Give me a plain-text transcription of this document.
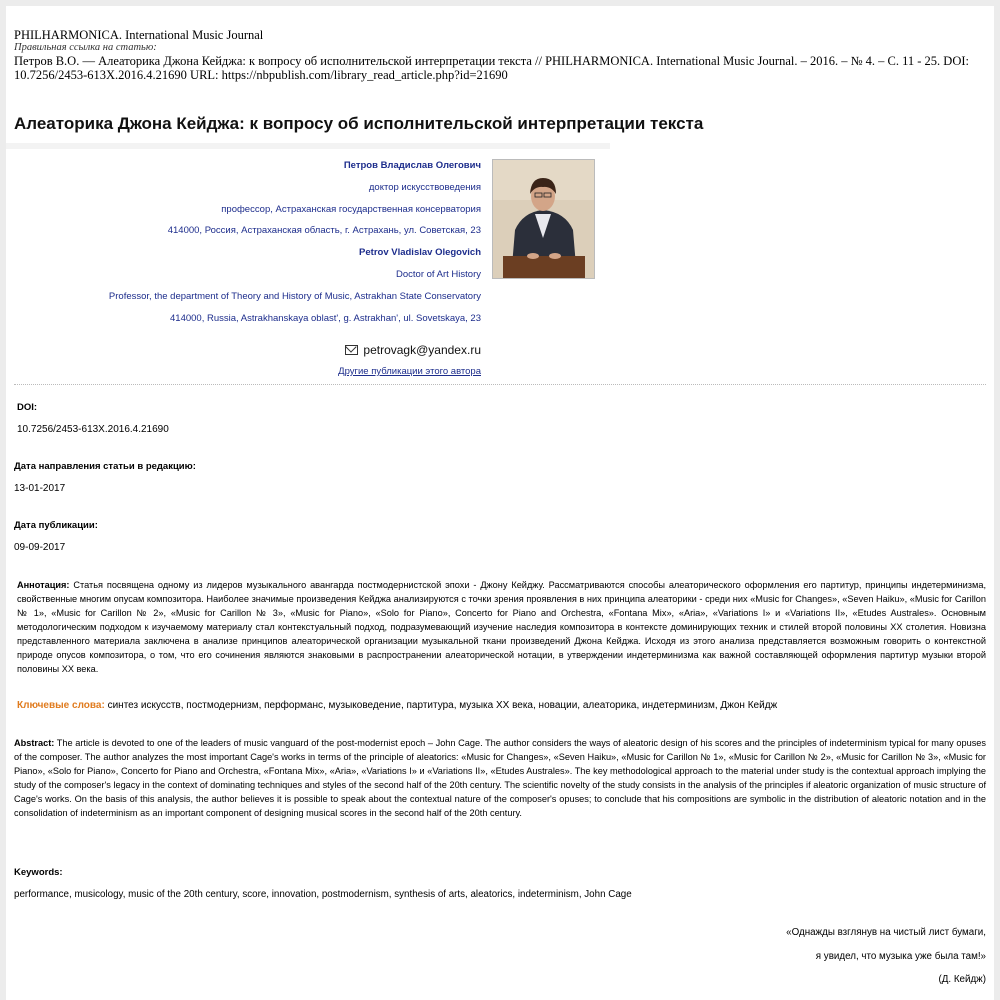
PHILHARMONICA. International Music Journal
Правильная ссылка на статью:
Петров В.О. — Алеаторика Джона Кейджа: к вопросу об исполнительской интерпретации текста // PHILHARMONICA. International Music Journal. – 2016. – № 4. – С. 11 - 25. DOI: 10.7256/2453-613X.2016.4.21690 URL: https://nbpublish.com/library_read_article.php?id=21690
Алеаторика Джона Кейджа: к вопросу об исполнительской интерпретации текста
Петров Владислав Олегович
доктор искусствоведения
профессор, Астраханская государственная консерватория
414000, Россия, Астраханская область, г. Астрахань, ул. Советская, 23
Petrov Vladislav Olegovich
Doctor of Art History
Professor, the department of Theory and History of Music, Astrakhan State Conservatory
414000, Russia, Astrakhanskaya oblast', g. Astrakhan', ul. Sovetskaya, 23
petrovagk@yandex.ru
Другие публикации этого автора
DOI:
10.7256/2453-613X.2016.4.21690
Дата направления статьи в редакцию:
13-01-2017
Дата публикации:
09-09-2017
Аннотация: Статья посвящена одному из лидеров музыкального авангарда постмодернистской эпохи - Джону Кейджу. Рассматриваются способы алеаторического оформления его партитур, принципы индетерминизма, свойственные многим опусам композитора. Наиболее значимые произведения Кейджа анализируются с точки зрения проявления в них принципа алеаторики - среди них «Music for Changes», «Seven Haiku», «Music for Carillon № 1», «Music for Carillon № 2», «Music for Carillon № 3», «Music for Piano», «Solo for Piano», Concerto for Piano and Orchestra, «Fontana Mix», «Aria», «Variations I» и «Variations II», «Etudes Australes». Основным методологическим подходом к изучаемому материалу стал контекстуальный подход, подразумевающий изучение наследия композитора в контексте доминирующих техник и стилей второй половины XX столетия. Новизна представленного материала заключена в анализе принципов алеаторической организации музыкальной ткани произведений Джона Кейджа. Исходя из этого анализа представляется возможным говорить о контекстной природе опусов композитора, о том, что его сочинения являются знаковыми в распространении алеаторической нотации, в утверждении индетерминизма как важной составляющей оформления партитур музыки второй половины XX века.
Ключевые слова: синтез искусств, постмодернизм, перформанс, музыковедение, партитура, музыка XX века, новации, алеаторика, индетерминизм, Джон Кейдж
Abstract: The article is devoted to one of the leaders of music vanguard of the post-modernist epoch – John Cage. The author considers the ways of aleatoric design of his scores and the principles of indeterminism typical for many opuses of the composer. The author analyzes the most important Cage's works in terms of the principle of aleatorics: «Music for Changes», «Seven Haiku», «Music for Carillon № 1», «Music for Carillon № 2», «Music for Carillon № 3», «Music for Piano», «Solo for Piano», Concerto for Piano and Orchestra, «Fontana Mix», «Aria», «Variations I» и «Variations II», «Etudes Australes». The key methodological approach to the material under study is the contextual approach implying the study of the composer's legacy in the context of dominating techniques and styles of the second half of the 20th century. The scientific novelty of the study consists in the analysis of the principles if aleatoric organization of music structure of Cage's works. On the basis of this analysis, the author believes it is possible to speak about the contextual nature of the composer's opuses; to conclude that his compositions are symbolic in the distribution of aleatoric notation and in the consolidation of indeterminism as an important component of designing musical scores in the second half of the 20th century.
Keywords:
performance, musicology, music of the 20th century, score, innovation, postmodernism, synthesis of arts, aleatorics, indeterminism, John Cage
«Однажды взглянув на чистый лист бумаги,
я увидел, что музыка уже была там!»
(Д. Кейдж)
